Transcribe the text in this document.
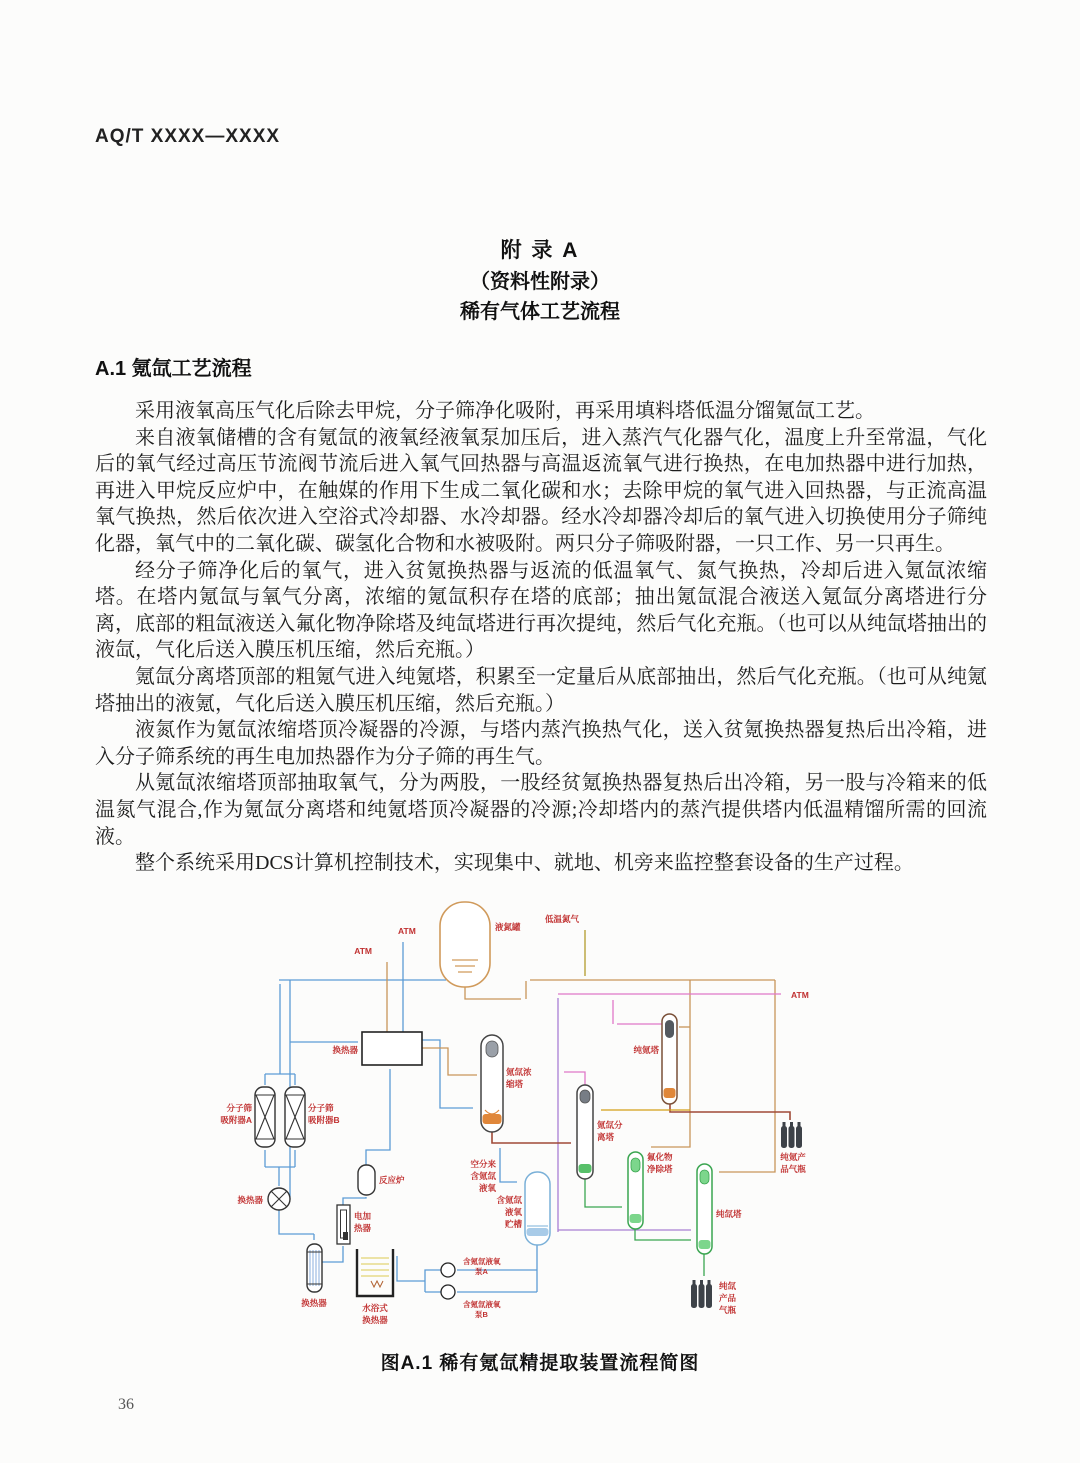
AQ/T XXXX—XXXX
附 录 A
（资料性附录）
稀有气体工艺流程
A.1 氪氙工艺流程

采用液氧高压气化后除去甲烷，分子筛净化吸附，再采用填料塔低温分馏氪氙工艺。

来自液氧储槽的含有氪氙的液氧经液氧泵加压后，进入蒸汽气化器气化，温度上升至常温，气化后的氧气经过高压节流阀节流后进入氧气回热器与高温返流氧气进行换热，在电加热器中进行加热，再进入甲烷反应炉中，在触媒的作用下生成二氧化碳和水；去除甲烷的氧气进入回热器，与正流高温氧气换热，然后依次进入空浴式冷却器、水冷却器。经水冷却器冷却后的氧气进入切换使用分子筛纯化器，氧气中的二氧化碳、碳氢化合物和水被吸附。两只分子筛吸附器，一只工作、另一只再生。

经分子筛净化后的氧气，进入贫氪换热器与返流的低温氧气、氮气换热，冷却后进入氪氙浓缩塔。在塔内氪氙与氧气分离，浓缩的氪氙积存在塔的底部；抽出氪氙混合液送入氪氙分离塔进行分离，底部的粗氙液送入氟化物净除塔及纯氙塔进行再次提纯，然后气化充瓶。（也可以从纯氙塔抽出的液氙，气化后送入膜压机压缩，然后充瓶。）

氪氙分离塔顶部的粗氪气进入纯氪塔，积累至一定量后从底部抽出，然后气化充瓶。（也可从纯氪塔抽出的液氪，气化后送入膜压机压缩，然后充瓶。）

液氮作为氪氙浓缩塔顶冷凝器的冷源，与塔内蒸汽换热气化，送入贫氪换热器复热后出冷箱，进入分子筛系统的再生电加热器作为分子筛的再生气。

从氪氙浓缩塔顶部抽取氧气，分为两股，一股经贫氪换热器复热后出冷箱，另一股与冷箱来的低温氮气混合,作为氪氙分离塔和纯氪塔顶冷凝器的冷源;冷却塔内的蒸汽提供塔内低温精馏所需的回流液。

整个系统采用DCS计算机控制技术，实现集中、就地、机旁来监控整套设备的生产过程。

ATM
ATM
ATM
液氮罐
低温氮气
换热器
分子筛
吸附器A
分子筛
吸附器B
换热器
反应炉
电加
热器
换热器	水浴式
换热器
氪氙浓
缩塔
氪氙分
离塔
纯氪塔
纯氪产
品气瓶
氟化物
净除塔
纯氙塔
纯氙
产品
气瓶
空分来
含氪氙
液氧
含氪氙
液氧
贮槽
含氪氙液氧
泵A
含氪氙液氧
泵B
图A.1 稀有氪氙精提取装置流程简图
36
